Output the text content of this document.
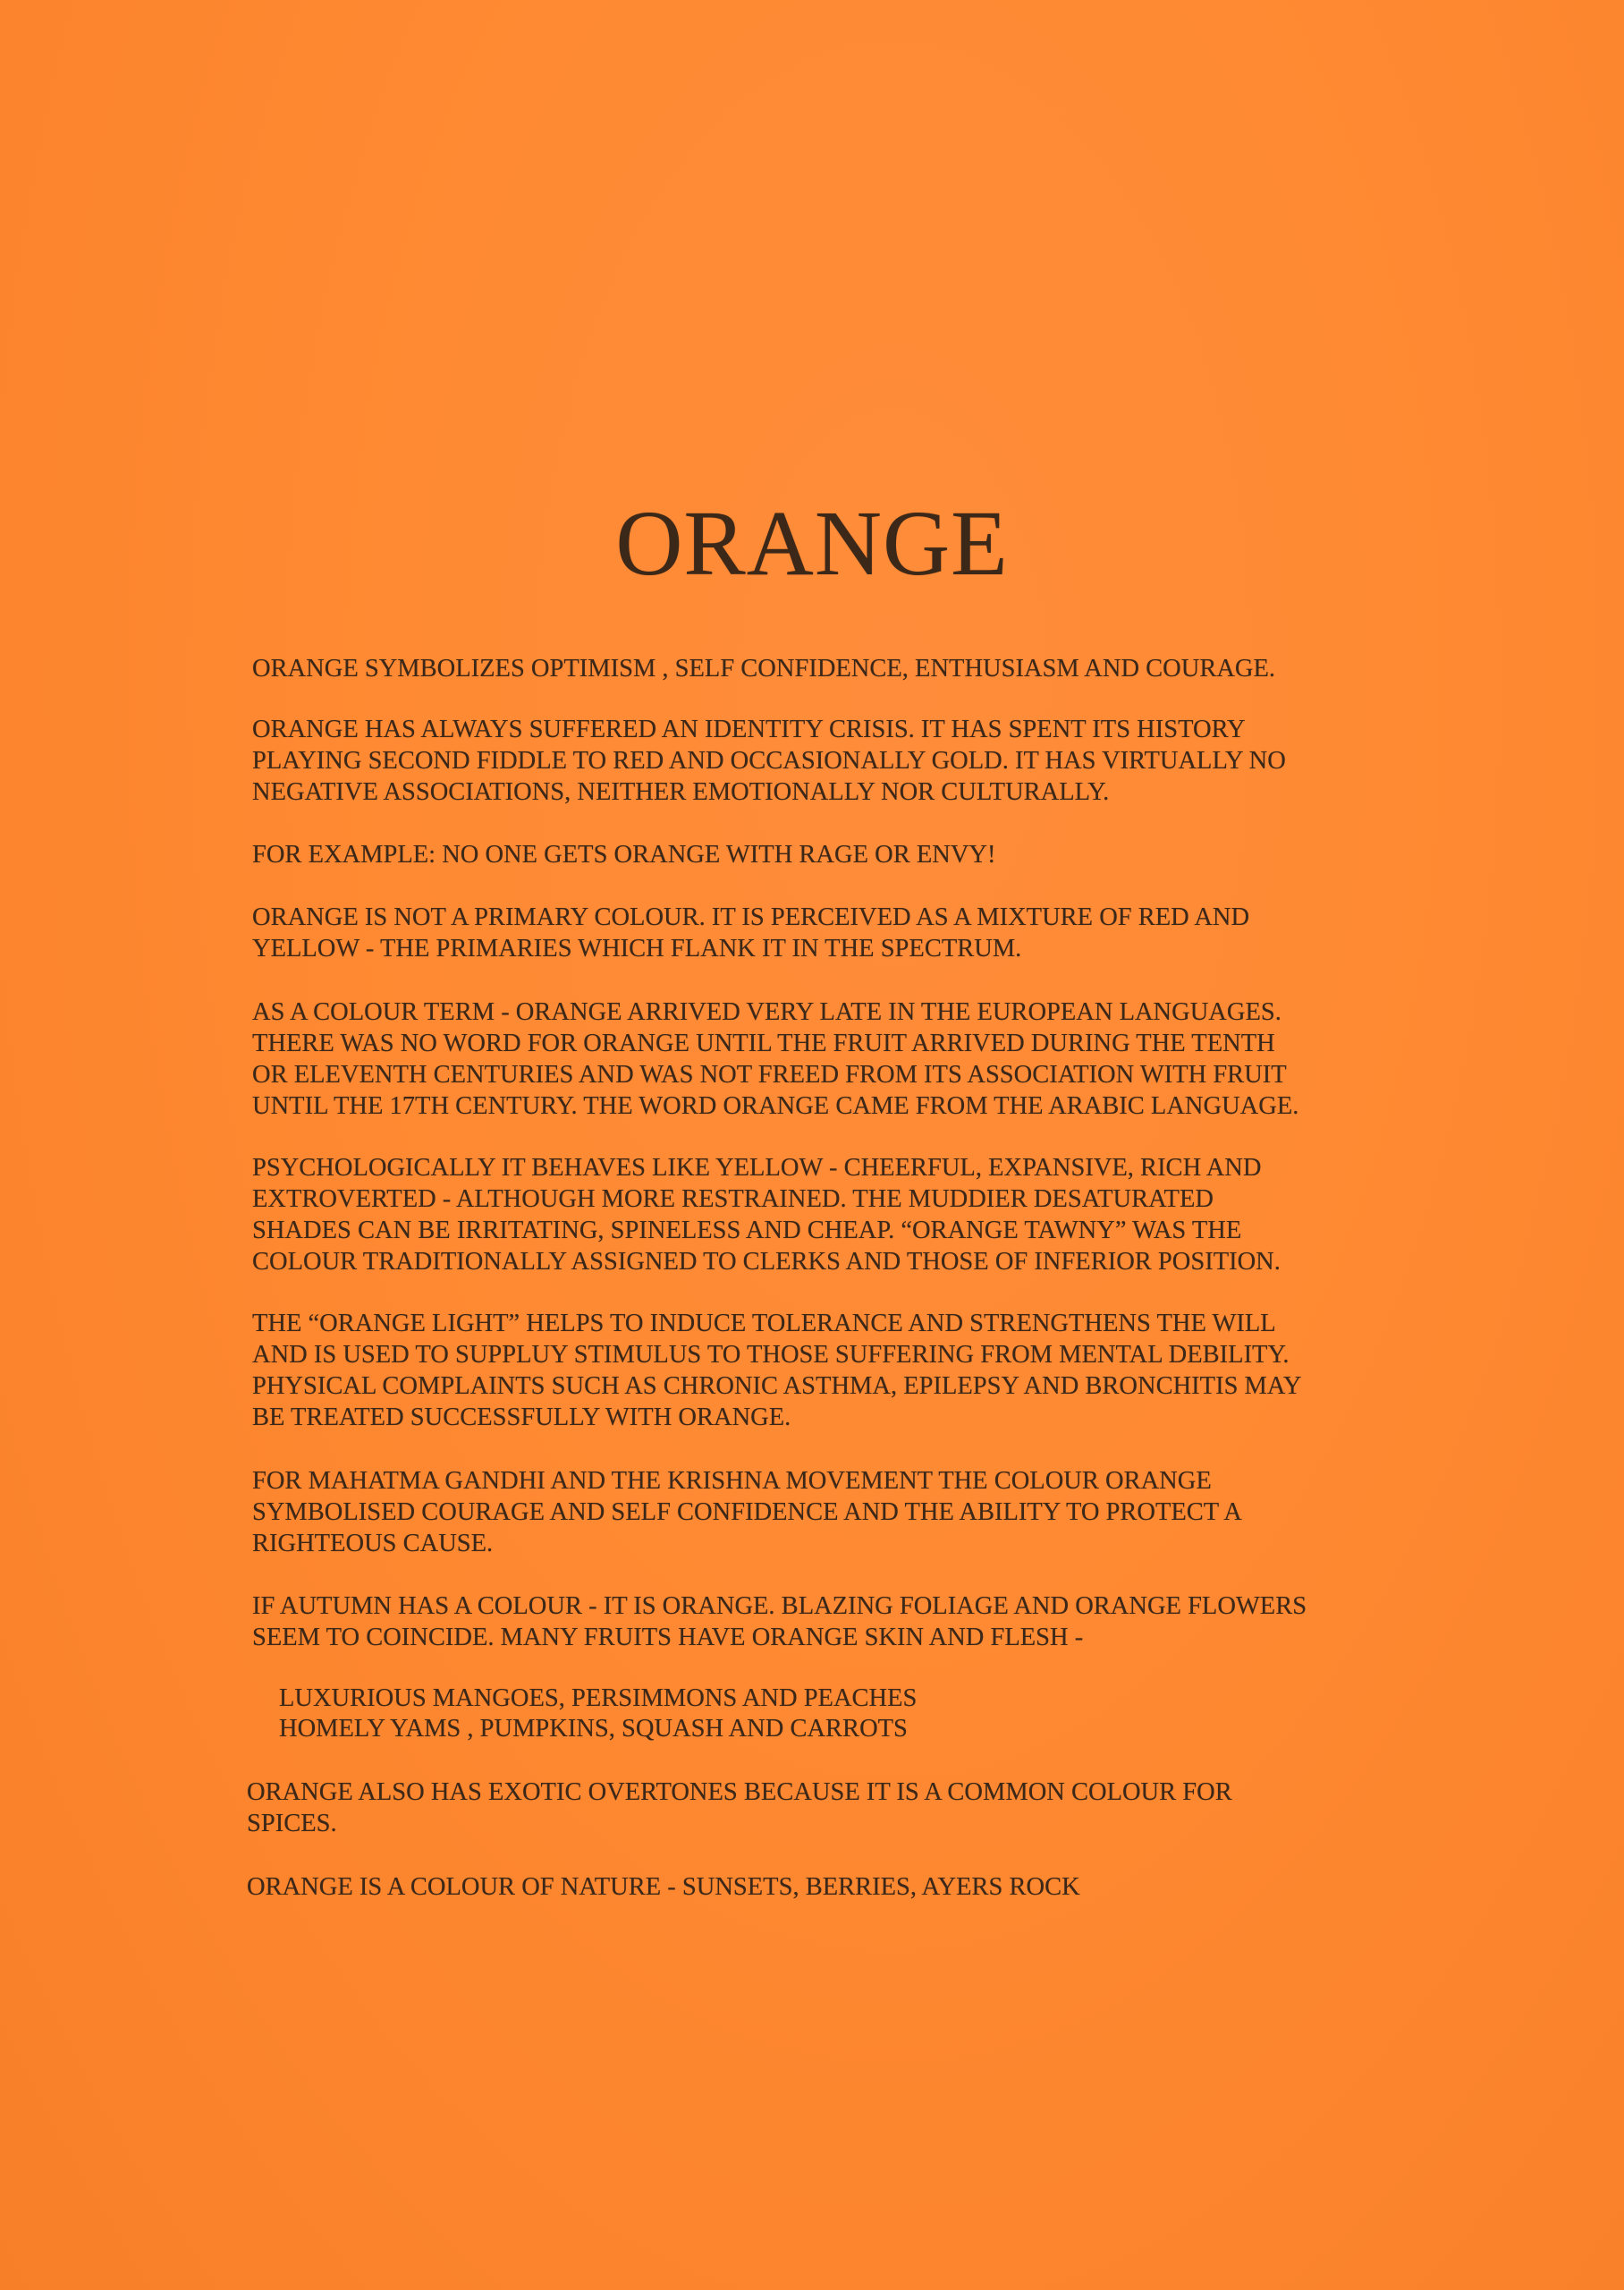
ORANGE

ORANGE SYMBOLIZES OPTIMISM , SELF CONFIDENCE, ENTHUSIASM AND COURAGE.

ORANGE HAS ALWAYS SUFFERED AN IDENTITY CRISIS. IT HAS SPENT ITS HISTORY
PLAYING SECOND FIDDLE TO RED AND OCCASIONALLY GOLD. IT HAS VIRTUALLY NO
NEGATIVE ASSOCIATIONS, NEITHER EMOTIONALLY NOR CULTURALLY.

FOR EXAMPLE: NO ONE GETS ORANGE WITH RAGE OR ENVY!

ORANGE IS NOT A PRIMARY COLOUR. IT IS PERCEIVED AS A MIXTURE OF RED AND
YELLOW - THE PRIMARIES WHICH FLANK IT IN THE SPECTRUM.

AS A COLOUR TERM - ORANGE ARRIVED VERY LATE IN THE EUROPEAN LANGUAGES.
THERE WAS NO WORD FOR ORANGE UNTIL THE FRUIT ARRIVED DURING THE TENTH
OR ELEVENTH CENTURIES AND WAS NOT FREED FROM ITS ASSOCIATION WITH FRUIT
UNTIL THE 17TH CENTURY. THE WORD ORANGE CAME FROM THE ARABIC LANGUAGE.

PSYCHOLOGICALLY IT BEHAVES LIKE YELLOW - CHEERFUL, EXPANSIVE, RICH AND
EXTROVERTED - ALTHOUGH MORE RESTRAINED. THE MUDDIER DESATURATED
SHADES CAN BE IRRITATING, SPINELESS AND CHEAP. “ORANGE TAWNY” WAS THE
COLOUR TRADITIONALLY ASSIGNED TO CLERKS AND THOSE OF INFERIOR POSITION.

THE “ORANGE LIGHT” HELPS TO INDUCE TOLERANCE AND STRENGTHENS THE WILL
AND IS USED TO SUPPLUY STIMULUS TO THOSE SUFFERING FROM MENTAL DEBILITY.
PHYSICAL COMPLAINTS SUCH AS CHRONIC ASTHMA, EPILEPSY AND BRONCHITIS MAY
BE TREATED SUCCESSFULLY WITH ORANGE.

FOR MAHATMA GANDHI AND THE KRISHNA MOVEMENT THE COLOUR ORANGE
SYMBOLISED COURAGE AND SELF CONFIDENCE AND THE ABILITY TO PROTECT A
RIGHTEOUS CAUSE.

IF AUTUMN HAS A COLOUR - IT IS ORANGE. BLAZING FOLIAGE AND ORANGE FLOWERS
SEEM TO COINCIDE. MANY FRUITS HAVE ORANGE SKIN AND FLESH -

LUXURIOUS MANGOES, PERSIMMONS AND PEACHES
HOMELY YAMS , PUMPKINS, SQUASH AND CARROTS

ORANGE ALSO HAS EXOTIC OVERTONES BECAUSE IT IS A COMMON COLOUR FOR
SPICES.

ORANGE IS A COLOUR OF NATURE - SUNSETS, BERRIES, AYERS ROCK
